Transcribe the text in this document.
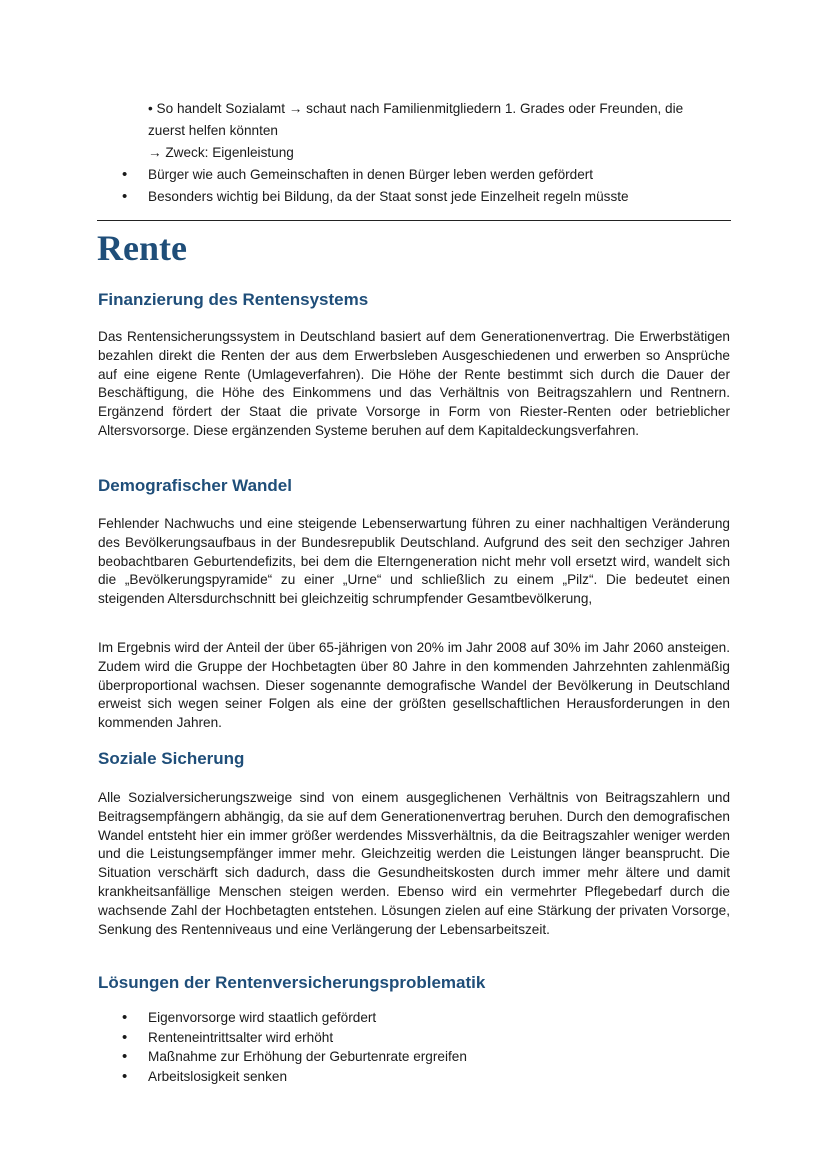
• So handelt Sozialamt → schaut nach Familienmitgliedern 1. Grades oder Freunden, die
zuerst helfen könnten
→ Zweck: Eigenleistung
• Bürger wie auch Gemeinschaften in denen Bürger leben werden gefördert
• Besonders wichtig bei Bildung, da der Staat sonst jede Einzelheit regeln müsste
Rente
Finanzierung des Rentensystems

Das Rentensicherungssystem in Deutschland basiert auf dem Generationenvertrag. Die Erwerbstätigen bezahlen direkt die Renten der aus dem Erwerbsleben Ausgeschiedenen und erwerben so Ansprüche auf eine eigene Rente (Umlageverfahren). Die Höhe der Rente bestimmt sich durch die Dauer der Beschäftigung, die Höhe des Einkommens und das Verhältnis von Beitragszahlern und Rentnern. Ergänzend fördert der Staat die private Vorsorge in Form von Riester-Renten oder betrieblicher Altersvorsorge. Diese ergänzenden Systeme beruhen auf dem Kapitaldeckungsverfahren.

Demografischer Wandel

Fehlender Nachwuchs und eine steigende Lebenserwartung führen zu einer nachhaltigen Veränderung des Bevölkerungsaufbaus in der Bundesrepublik Deutschland. Aufgrund des seit den sechziger Jahren beobachtbaren Geburtendefizits, bei dem die Elterngeneration nicht mehr voll ersetzt wird, wandelt sich die „Bevölkerungspyramide“ zu einer „Urne“ und schließlich zu einem „Pilz“. Die bedeutet einen steigenden Altersdurchschnitt bei gleichzeitig schrumpfender Gesamtbevölkerung,

Im Ergebnis wird der Anteil der über 65-jährigen von 20% im Jahr 2008 auf 30% im Jahr 2060 ansteigen. Zudem wird die Gruppe der Hochbetagten über 80 Jahre in den kommenden Jahrzehnten zahlenmäßig überproportional wachsen. Dieser sogenannte demografische Wandel der Bevölkerung in Deutschland erweist sich wegen seiner Folgen als eine der größten gesellschaftlichen Herausforderungen in den kommenden Jahren.

Soziale Sicherung

Alle Sozialversicherungszweige sind von einem ausgeglichenen Verhältnis von Beitragszahlern und Beitragsempfängern abhängig, da sie auf dem Generationenvertrag beruhen. Durch den demografischen Wandel entsteht hier ein immer größer werdendes Missverhältnis, da die Beitragszahler weniger werden und die Leistungsempfänger immer mehr. Gleichzeitig werden die Leistungen länger beansprucht. Die Situation verschärft sich dadurch, dass die Gesundheitskosten durch immer mehr ältere und damit krankheitsanfällige Menschen steigen werden. Ebenso wird ein vermehrter Pflegebedarf durch die wachsende Zahl der Hochbetagten entstehen. Lösungen zielen auf eine Stärkung der privaten Vorsorge, Senkung des Rentenniveaus und eine Verlängerung der Lebensarbeitszeit.

Lösungen der Rentenversicherungsproblematik
• Eigenvorsorge wird staatlich gefördert
• Renteneintrittsalter wird erhöht
• Maßnahme zur Erhöhung der Geburtenrate ergreifen
• Arbeitslosigkeit senken
